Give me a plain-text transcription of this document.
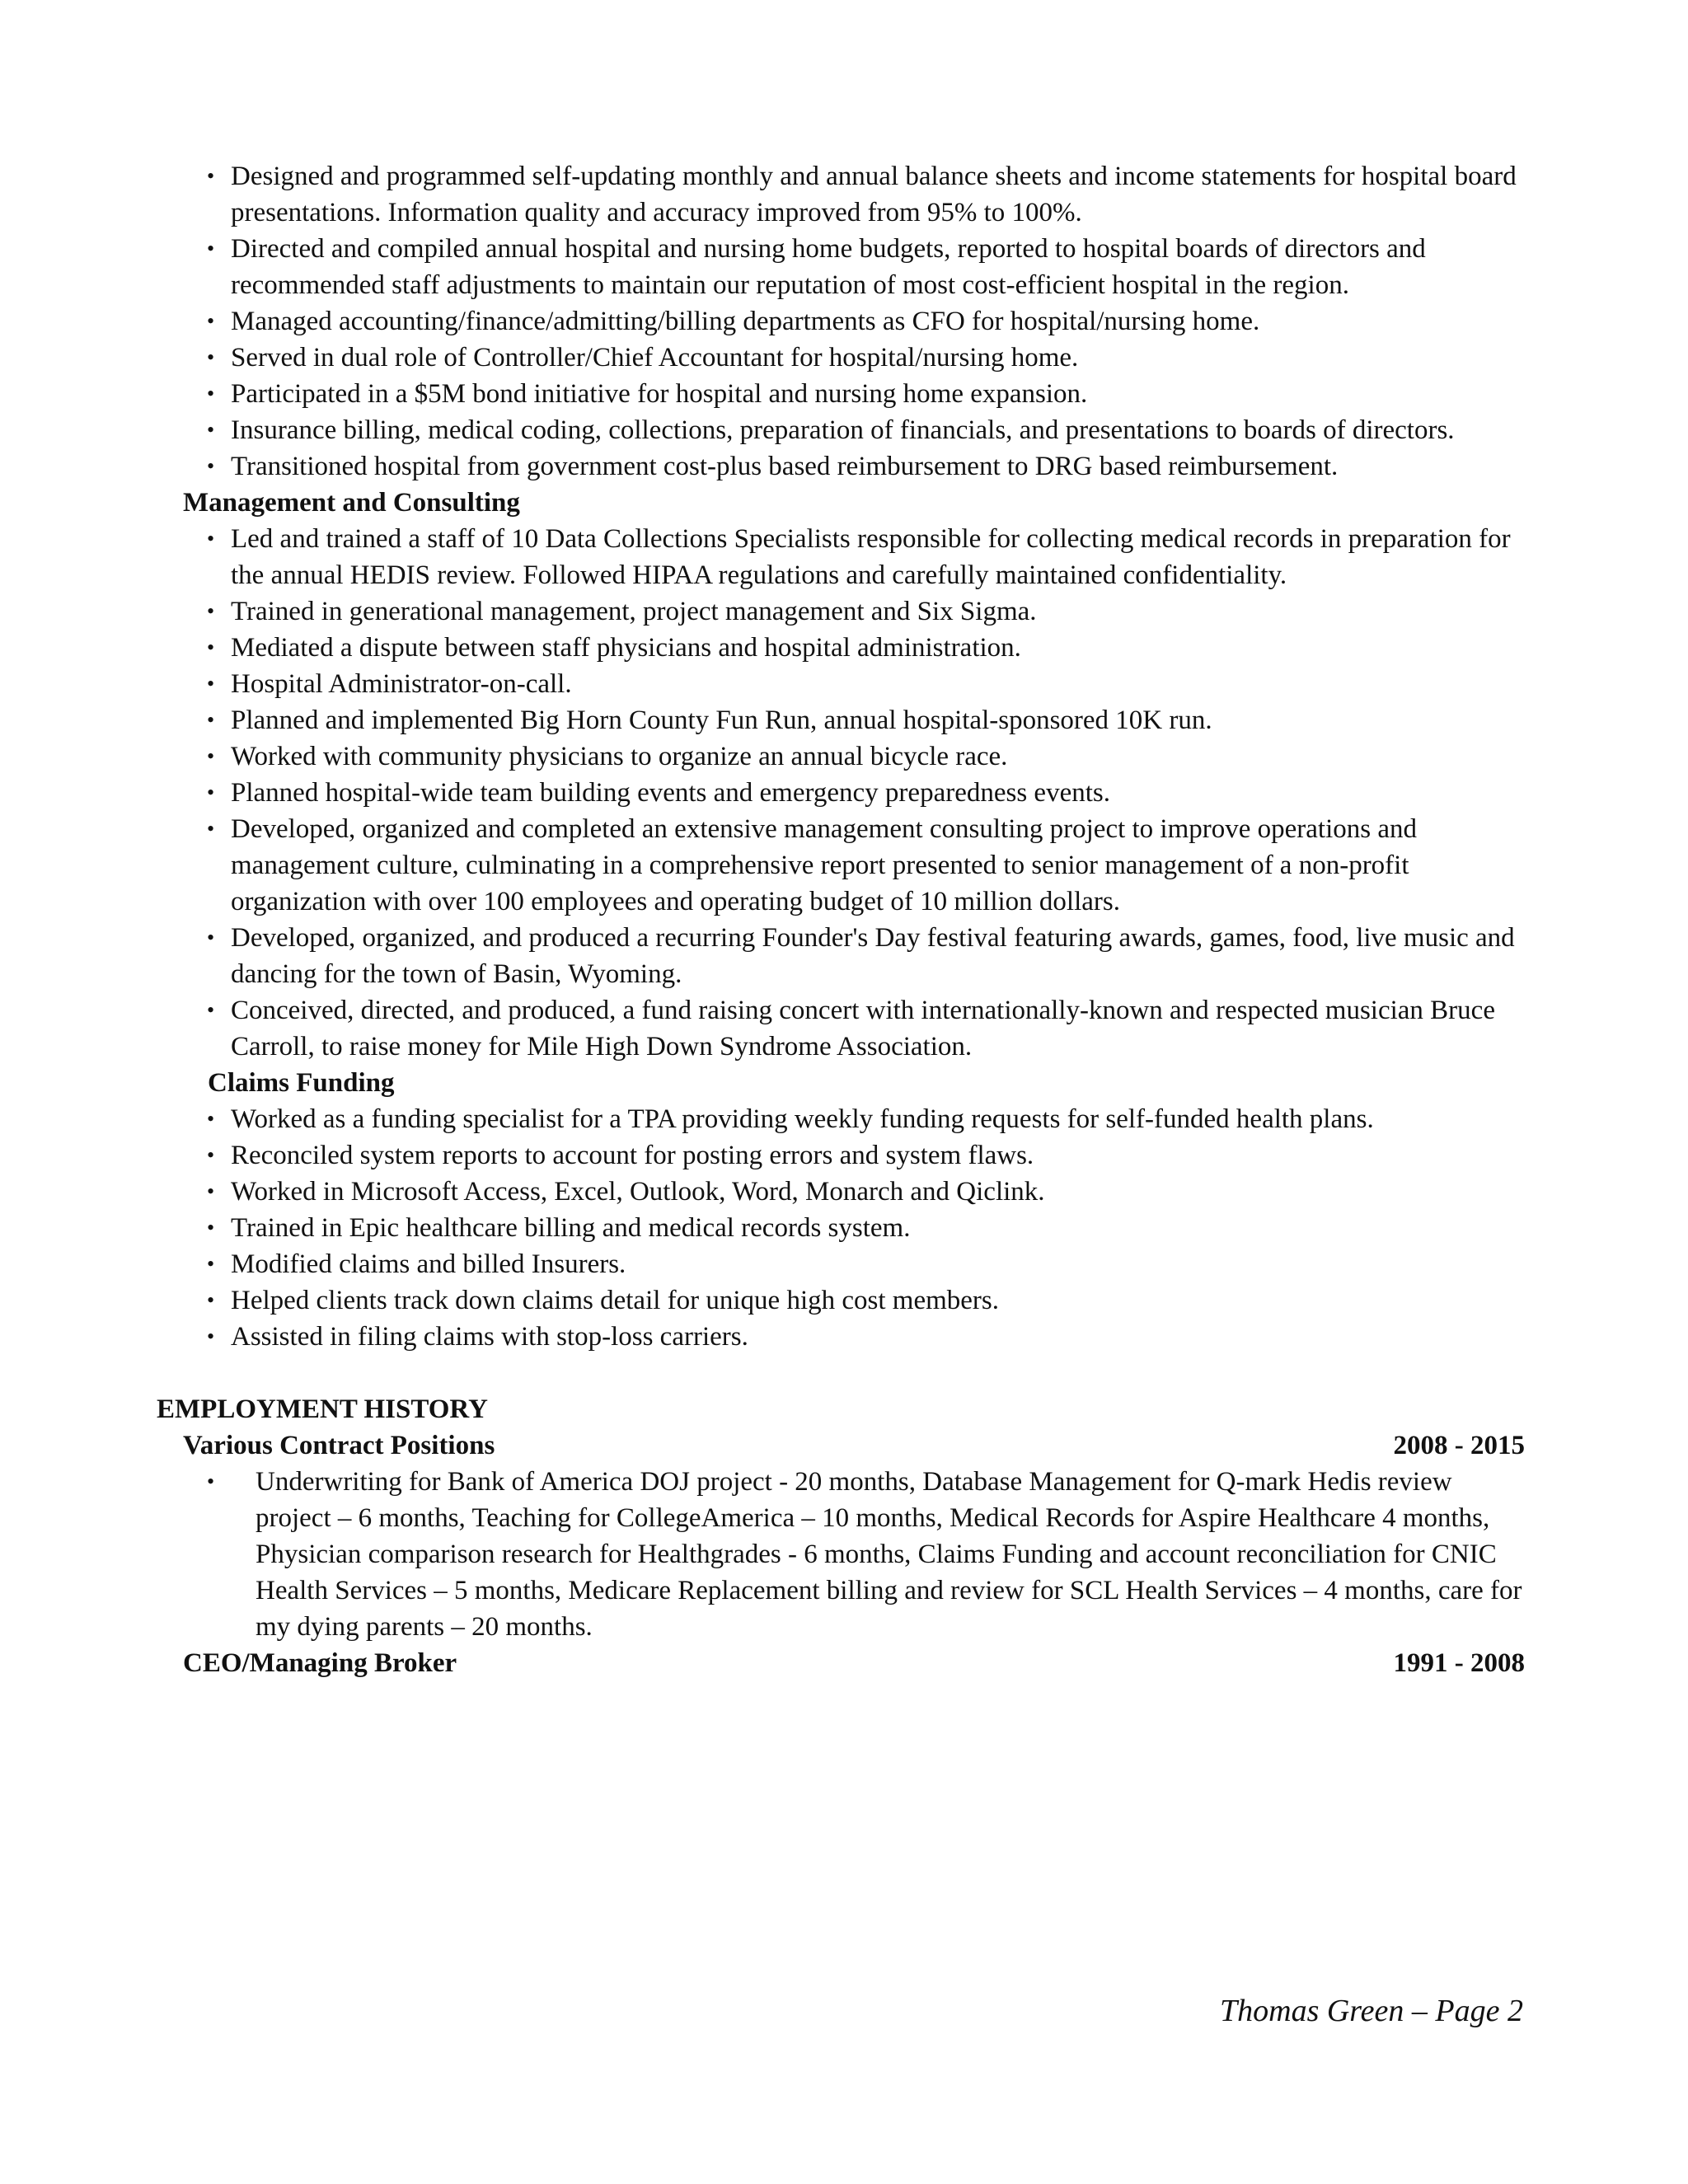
• Designed and programmed self-updating monthly and annual balance sheets and income statements for hospital board presentations. Information quality and accuracy improved from 95% to 100%.
• Directed and compiled annual hospital and nursing home budgets, reported to hospital boards of directors and recommended staff adjustments to maintain our reputation of most cost-efficient hospital in the region.
• Managed accounting/finance/admitting/billing departments as CFO for hospital/nursing home.
• Served in dual role of Controller/Chief Accountant for hospital/nursing home.
• Participated in a $5M bond initiative for hospital and nursing home expansion.
• Insurance billing, medical coding, collections, preparation of financials, and presentations to boards of directors.
• Transitioned hospital from government cost-plus based reimbursement to DRG based reimbursement.
Management and Consulting
• Led and trained a staff of 10 Data Collections Specialists responsible for collecting medical records in preparation for the annual HEDIS review. Followed HIPAA regulations and carefully maintained confidentiality.
• Trained in generational management, project management and Six Sigma.
• Mediated a dispute between staff physicians and hospital administration.
• Hospital Administrator-on-call.
• Planned and implemented Big Horn County Fun Run, annual hospital-sponsored 10K run.
• Worked with community physicians to organize an annual bicycle race.
• Planned hospital-wide team building events and emergency preparedness events.
• Developed, organized and completed an extensive management consulting project to improve operations and management culture, culminating in a comprehensive report presented to senior management of a non-profit organization with over 100 employees and operating budget of 10 million dollars.
• Developed, organized, and produced a recurring Founder's Day festival featuring awards, games, food, live music and dancing for the town of Basin, Wyoming.
• Conceived, directed, and produced, a fund raising concert with internationally-known and respected musician Bruce Carroll, to raise money for Mile High Down Syndrome Association.
Claims Funding
• Worked as a funding specialist for a TPA providing weekly funding requests for self-funded health plans.
• Reconciled system reports to account for posting errors and system flaws.
• Worked in Microsoft Access, Excel, Outlook, Word, Monarch and Qiclink.
• Trained in Epic healthcare billing and medical records system.
• Modified claims and billed Insurers.
• Helped clients track down claims detail for unique high cost members.
• Assisted in filing claims with stop-loss carriers.
EMPLOYMENT HISTORY
Various Contract Positions	2008 - 2015
• Underwriting for Bank of America DOJ project - 20 months, Database Management for Q-mark Hedis review project – 6 months, Teaching for CollegeAmerica – 10 months, Medical Records for Aspire Healthcare 4 months, Physician comparison research for Healthgrades - 6 months, Claims Funding and account reconciliation for CNIC Health Services – 5 months, Medicare Replacement billing and review for SCL Health Services – 4 months, care for my dying parents – 20 months.
CEO/Managing Broker	1991 - 2008
Thomas Green – Page 2
